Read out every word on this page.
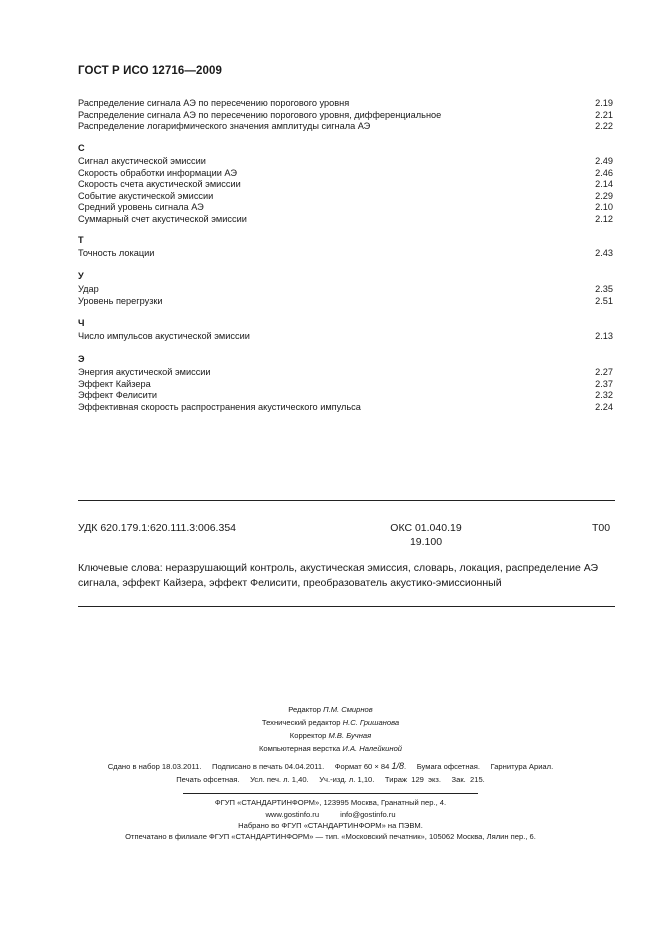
ГОСТ Р ИСО 12716—2009
Распределение сигнала АЭ по пересечению порогового уровня	2.19
Распределение сигнала АЭ по пересечению порогового уровня, дифференциальное	2.21
Распределение логарифмического значения амплитуды сигнала АЭ	2.22
С
Сигнал акустической эмиссии	2.49
Скорость обработки информации АЭ	2.46
Скорость счета акустической эмиссии	2.14
Событие акустической эмиссии	2.29
Средний уровень сигнала АЭ	2.10
Суммарный счет акустической эмиссии	2.12
Т
Точность локации	2.43
У
Удар	2.35
Уровень перегрузки	2.51
Ч
Число импульсов акустической эмиссии	2.13
Э
Энергия акустической эмиссии	2.27
Эффект Кайзера	2.37
Эффект Фелисити	2.32
Эффективная скорость распространения акустического импульса	2.24
УДК 620.179.1:620.111.3:006.354	ОКС 01.040.19
19.100
Т00
Ключевые слова: неразрушающий контроль, акустическая эмиссия, словарь, локация, распределение АЭ сигнала, эффект Кайзера, эффект Фелисити, преобразователь акустико-эмиссионный
Редактор П.М. Смирнов
Технический редактор Н.С. Гришанова
Корректор М.В. Бучная
Компьютерная верстка И.А. Налейкиной
Сдано в набор 18.03.2011.     Подписано в печать 04.04.2011.     Формат 60 × 84 1/8.     Бумага офсетная.     Гарнитура Ариал.
Печать офсетная.     Усл. печ. л. 1,40.     Уч.-изд. л. 1,10.     Тираж  129  экз.     Зак.  215.
ФГУП «СТАНДАРТИНФОРМ», 123995 Москва, Гранатный пер., 4.
www.gostinfo.ru          info@gostinfo.ru
Набрано во ФГУП «СТАНДАРТИНФОРМ» на ПЭВМ.
Отпечатано в филиале ФГУП «СТАНДАРТИНФОРМ» — тип. «Московский печатник», 105062 Москва, Лялин пер., 6.
